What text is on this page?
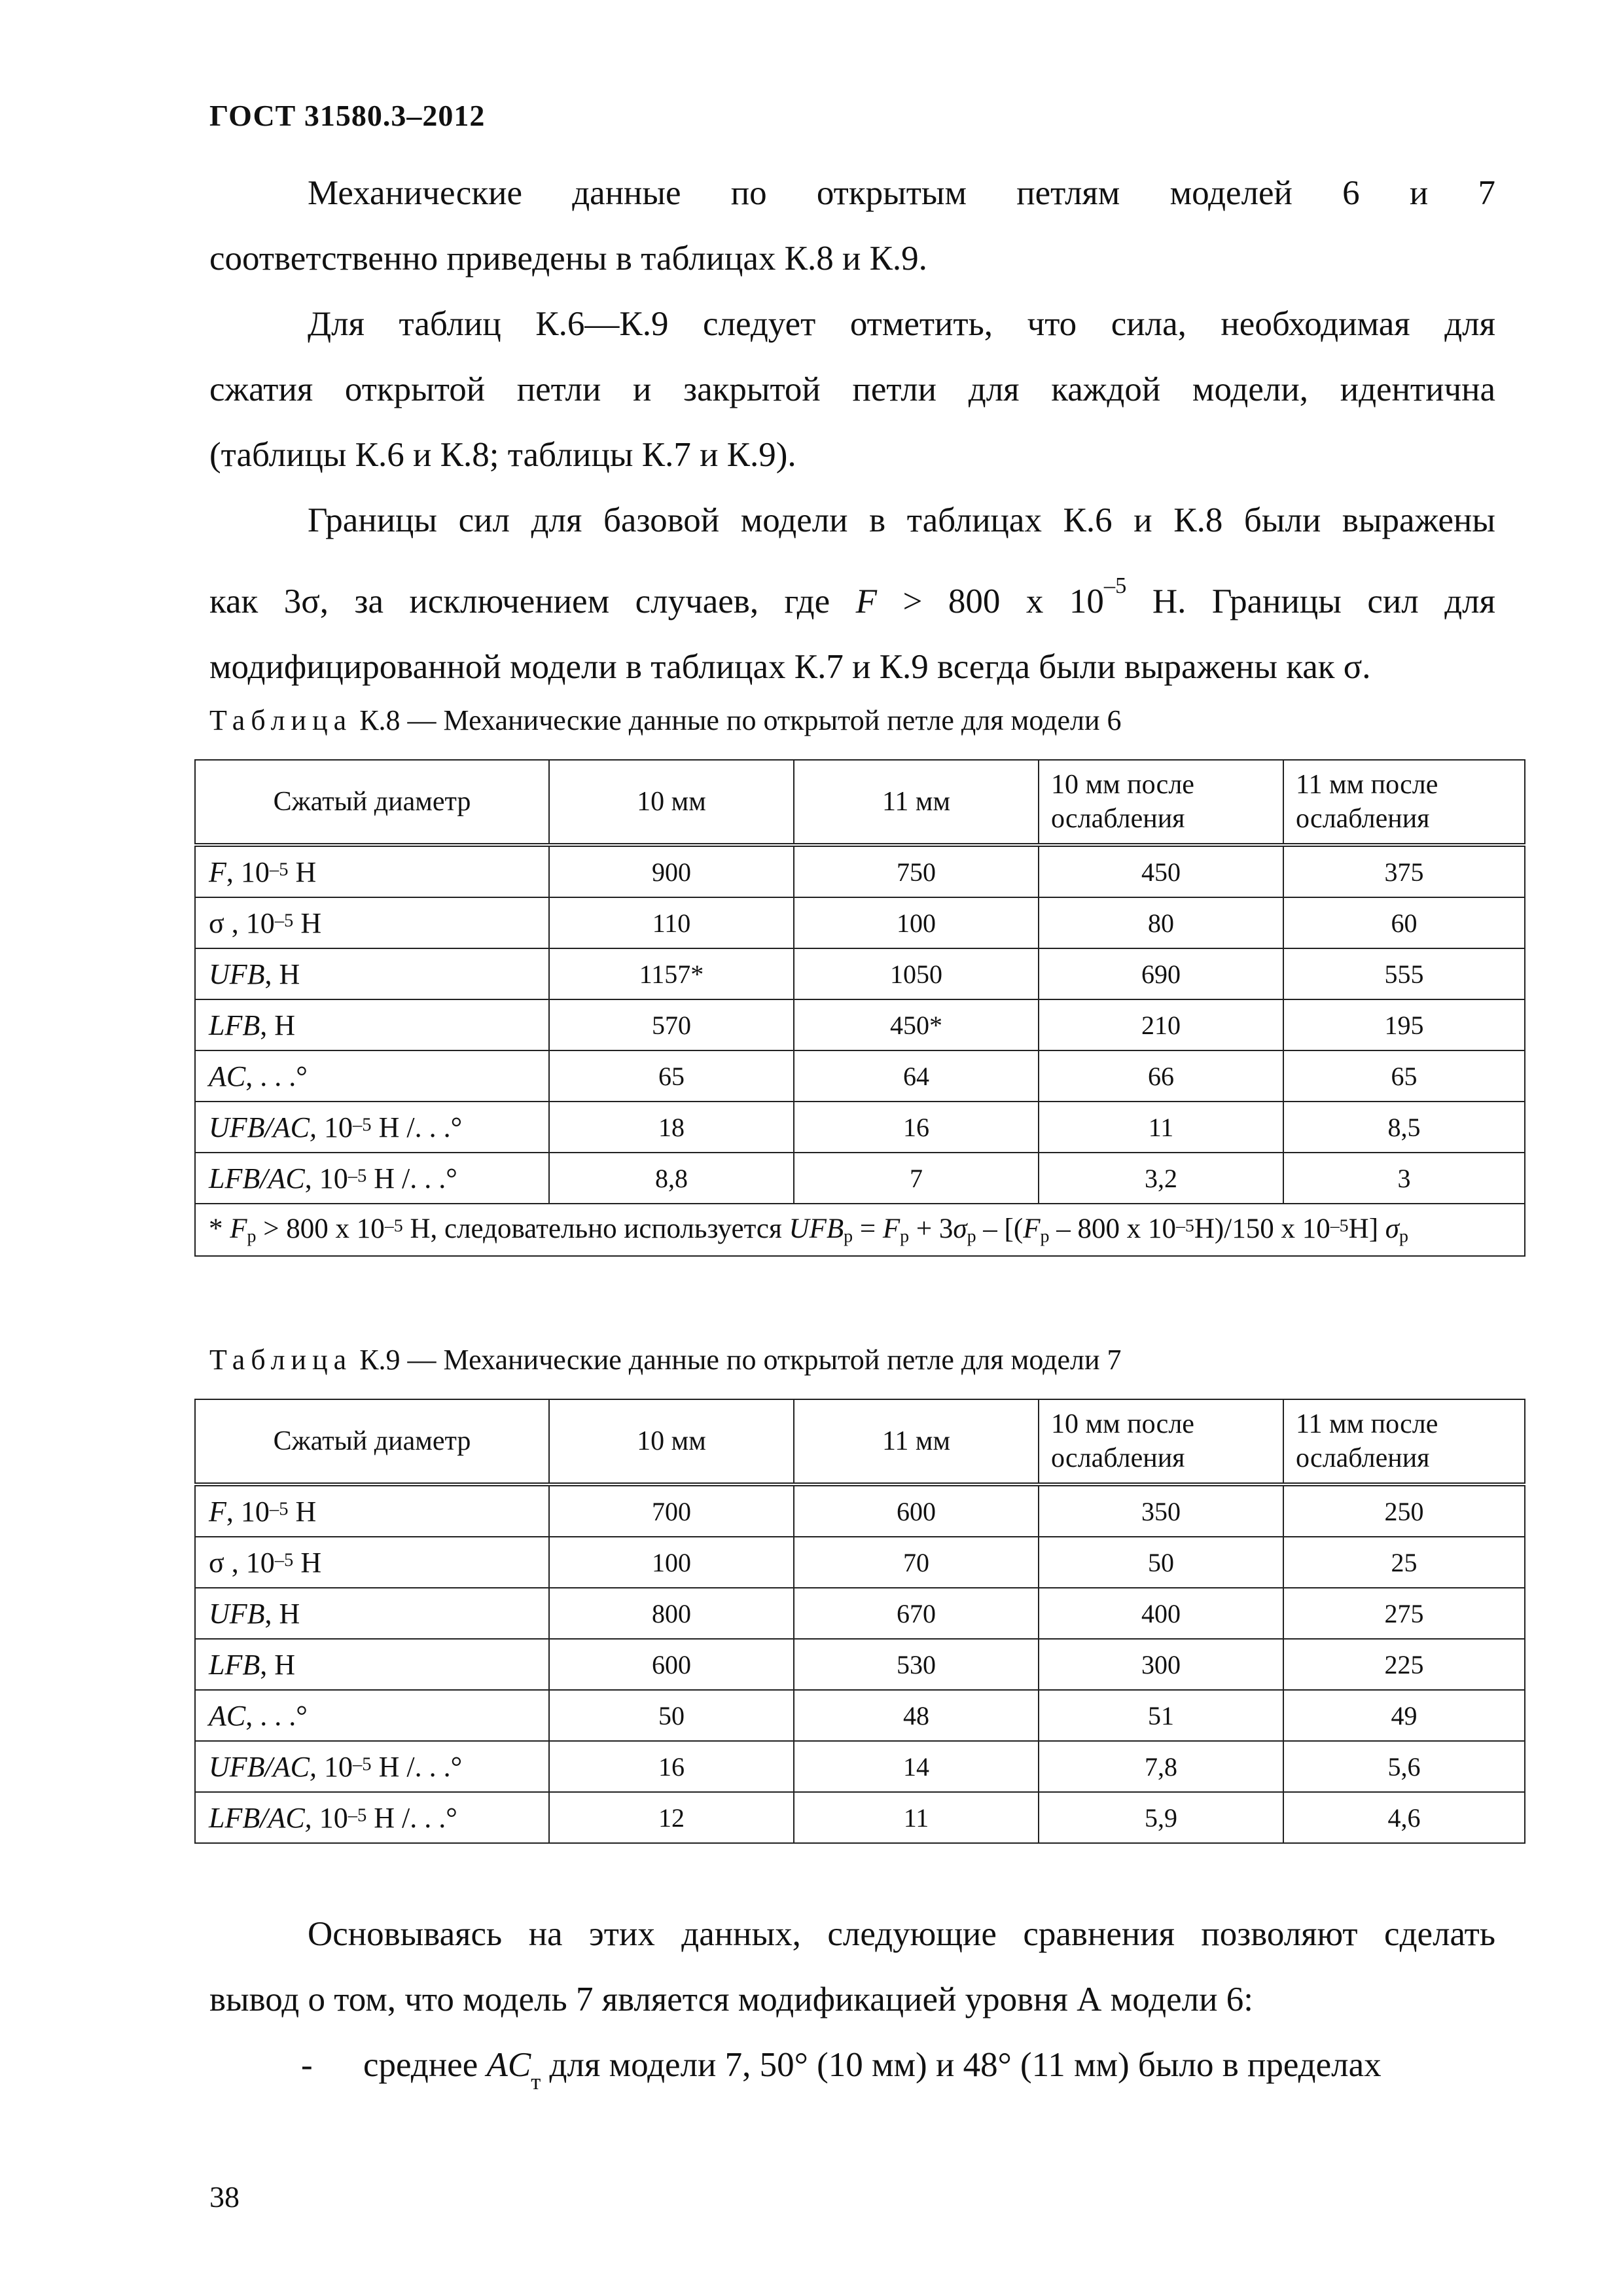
ГОСТ 31580.3–2012
Механические данные по открытым петлям моделей 6 и 7
соответственно приведены в таблицах К.8 и К.9.
Для таблиц К.6—К.9 следует отметить, что сила, необходимая для
сжатия открытой петли и закрытой петли для каждой модели, идентична
(таблицы К.6 и К.8; таблицы К.7 и К.9).
Границы сил для базовой модели в таблицах К.6 и К.8 были выражены
как 3σ, за исключением случаев, где F > 800 x $10^{-5}$ Н. Границы сил для
модифицированной модели в таблицах К.7 и К.9 всегда были выражены как σ.
Таблица К.8 — Механические данные по открытой петле для модели 6
Сжатый диаметр	10 мм	11 мм	10 мм после ослабления	11 мм после ослабления
F, $10^{-5}$ Н	900	750	450	375
σ , $10^{-5}$ Н	110	100	80	60
UFB, Н	1157*	1050	690	555
LFB, Н	570	450*	210	195
AC, . . .°	65	64	66	65
UFB/AC, $10^{-5}$ Н /. . .°	18	16	11	8,5
LFB/AC, $10^{-5}$ Н /. . .°	8,8	7	3,2	3
* $F_p > 800$ x $10^{-5}$ Н, следовательно используется $UFB_p = F_p + 3\sigma_p - [(F_p - 800$ x $10^{-5}Н)/150$ x $10^{-5}Н$] $\sigma_p$
Таблица К.9 — Механические данные по открытой петле для модели 7
Сжатый диаметр	10 мм	11 мм	10 мм после ослабления	11 мм после ослабления
F, $10^{-5}$ Н	700	600	350	250
σ , $10^{-5}$ Н	100	70	50	25
UFB, Н	800	670	400	275
LFB, Н	600	530	300	225
AC, . . .°	50	48	51	49
UFB/AC, $10^{-5}$ Н /. . .°	16	14	7,8	5,6
LFB/AC, $10^{-5}$ Н /. . .°	12	11	5,9	4,6
Основываясь на этих данных, следующие сравнения позволяют сделать
вывод о том, что модель 7 является модификацией уровня А модели 6:
- среднее $AC_т$ для модели 7, 50° (10 мм) и 48° (11 мм) было в пределах
38
